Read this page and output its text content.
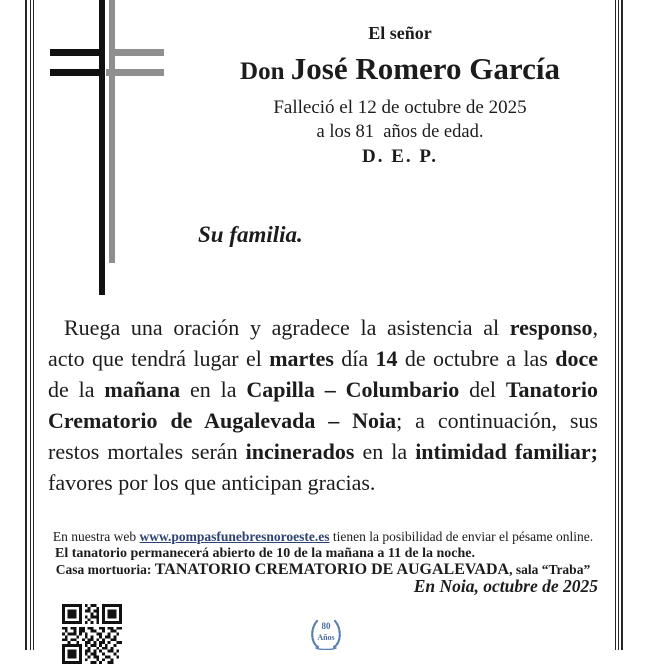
El señor
Don José Romero García
Falleció el 12 de octubre de 2025
a los 81  años de edad.
D. E. P.
Su familia.
Ruega una oración y agradece la asistencia al responso, acto que tendrá lugar el martes día 14 de octubre a las doce de la mañana en la Capilla – Columbario del Tanatorio Crematorio de Augalevada – Noia; a continuación, sus restos mortales serán incinerados en la intimidad familiar; favores por los que anticipan gracias.
En nuestra web www.pompasfunebresnoroeste.es tienen la posibilidad de enviar el pésame online.
El tanatorio permanecerá abierto de 10 de la mañana a 11 de la noche.
Casa mortuoria: TANATORIO CREMATORIO DE AUGALEVADA, sala “Traba”
En Noia, octubre de 2025
80
Años
